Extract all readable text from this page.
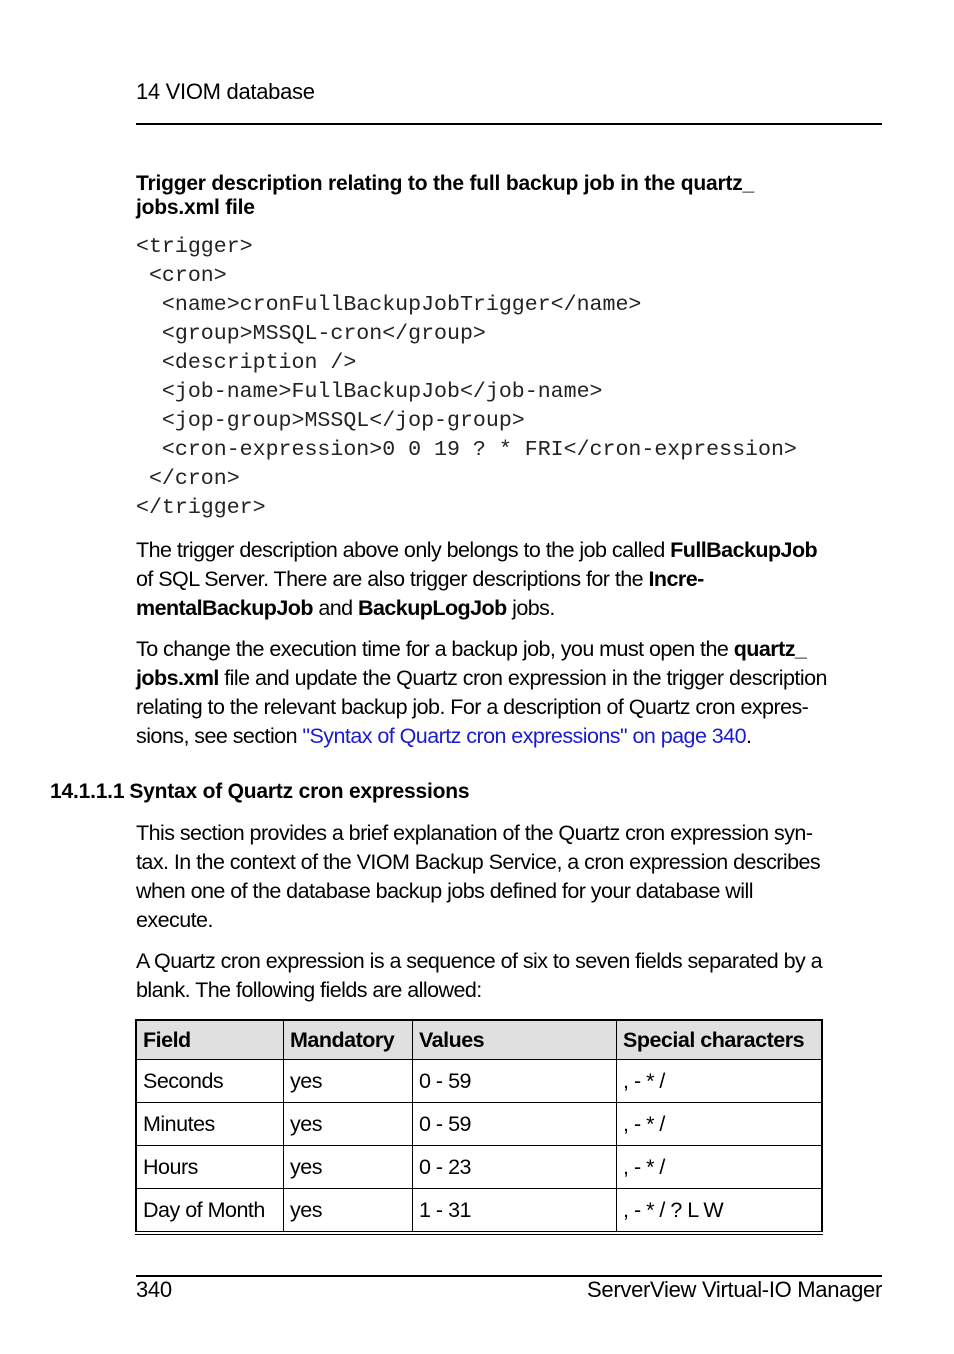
14 VIOM database
Trigger description relating to the full backup job in the quartz_
jobs.xml file
<trigger>
<cron>
<name>cronFullBackupJobTrigger</name>
<group>MSSQL-cron</group>
<description />
<job-name>FullBackupJob</job-name>
<jop-group>MSSQL</jop-group>
<cron-expression>0 0 19 ? * FRI</cron-expression>
</cron>
</trigger>

The trigger description above only belongs to the job called FullBackupJob
of SQL Server. There are also trigger descriptions for the Incre-
mentalBackupJob and BackupLogJob jobs.

To change the execution time for a backup job, you must open the quartz_
jobs.xml file and update the Quartz cron expression in the trigger description
relating to the relevant backup job. For a description of Quartz cron expres-
sions, see section "Syntax of Quartz cron expressions" on page 340.

14.1.1.1 Syntax of Quartz cron expressions

This section provides a brief explanation of the Quartz cron expression syn-
tax. In the context of the VIOM Backup Service, a cron expression describes
when one of the database backup jobs defined for your database will
execute.

A Quartz cron expression is a sequence of six to seven fields separated by a
blank. The following fields are allowed:

Field	Mandatory	Values	Special characters
Seconds	yes	0 - 59	, - * /
Minutes	yes	0 - 59	, - * /
Hours	yes	0 - 23	, - * /
Day of Month	yes	1 - 31	, - * / ? L W
340	ServerView Virtual-IO Manager
